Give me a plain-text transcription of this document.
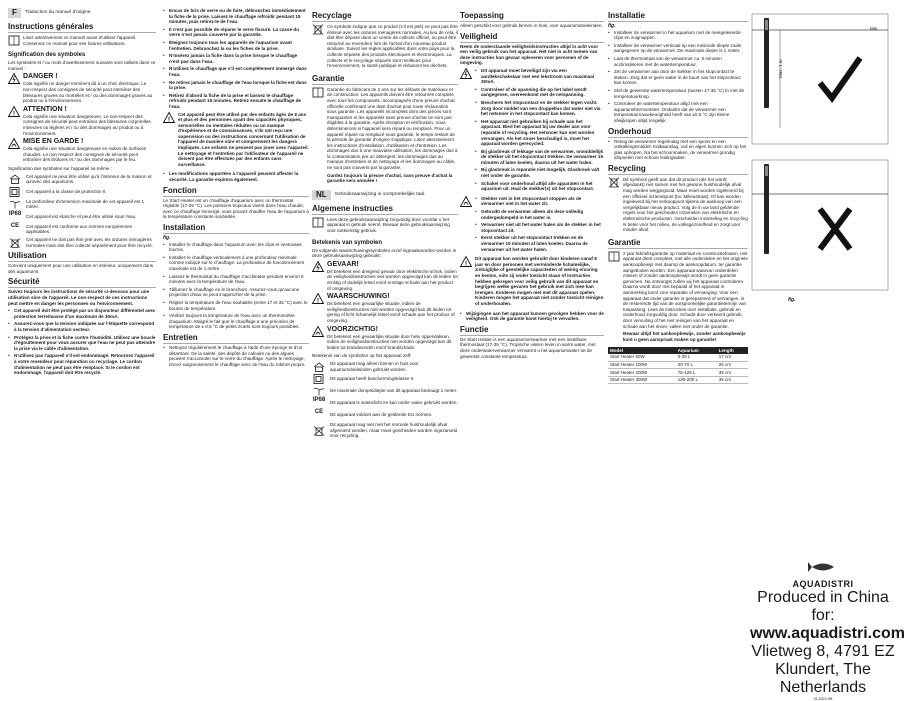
F	Traduction du manuel d'origine.
Instructions générales

Lisez attentivement ce manuel avant d'utiliser l'appareil. Conservez ce manuel pour ses futures utilisations.

Signification des symboles

Les symboles et / ou mots d'avertissement suivants sont utilisés dans ce manuel :

DANGER !
Cela signifie un danger imminent dû à un choc électrique. Le non-respect des consignes de sécurité peut entraîner des blessures graves ou mortelles et / ou des dommages graves au produit ou à l'environnement.
!
ATTENTION !
Cela signifie une situation dangereuse. Le non-respect des consignes de sécurité peut entraîner des blessures corporelles mineures ou légères et / ou des dommages au produit ou à l'environnement.
MISE EN GARDE !
Cela signifie une situation dangereuse en raison de surfaces chaudes. Le non respect des consignes de sécurité peut entraîner des brûlures et / ou des dommages par le feu.

Signification des symboles sur l'appareil lui-même :

Cet appareil ne peut être utilisé qu'à l'intérieur de la maison et qu'avec des aquariums.
Cet appareil a la classe de protection II.
La profondeur d'immersion maximale de cet appareil est 1 mètre.
IP68 Cet appareil est étanche et peut être utilisé sous l'eau.
CE	Cet appareil est conforme aux normes européennes applicables.
Cet appareil ne doit pas être jeté avec les ordures ménagères normales mais doit être collecté séparément pour être recyclé.
Utilisation

Convient uniquement pour une utilisation en intérieur, uniquement dans des aquariums.

Sécurité

Suivez toujours les instructions de sécurité ci-dessous pour une utilisation sûre de l'appareil. Le non-respect de ces instructions peut mettre en danger les personnes ou l'environnement.

• Cet appareil doit être protégé par un disjoncteur différentiel avec protection terre/masse d'un maximum de 30mA.
• Assurez-vous que la tension indiquée sur l'étiquette correspond à la tension d'alimentation secteur.
• Protégez la prise et la fiche contre l'humidité. Utilisez une boucle d'égouttement pour vous assurer que l'eau ne peut pas atteindre la prise via le câble d'alimentation.
• N'utilisez pas l'appareil s'il est endommagé. Retournez l'appareil à votre revendeur pour réparation ou recyclage. Le cordon d'alimentation ne peut pas être remplacé. Si le cordon est endommagé, l'appareil doit être recyclé.
• Encas de bris de verre ou de fuite, débranchez immédiatement la fiche de la prise. Laissez le chauffage refroidir pendant 15 minutes, puis retirez-le de l'eau.
• Il n'est pas possible de réparer le verre fissuré. La casse du verre n'est jamais couverte par la garantie.
• Éteignez toujours tous les appareils de l'aquarium avant l'entretien. Débranchez la ou les fiches de la prise.
• N'insérez jamais la fiche dans la prise lorsque le chauffage n'est pas dans l'eau.
• N'utilisez le chauffage que s'il est complètement immergé dans l'eau.
• Ne retirez jamais le chauffage de l'eau lorsque la fiche est dans la prise.
• Retirez d'abord la fiche de la prise et laissez le chauffage refroidir pendant 15 minutes. Retirez ensuite le chauffage de l'eau.
!

Cet appareil peut être utilisé par des enfants âgés de 8 ans et plus et des personnes ayant des capacités physiques, sensorielles ou mentales réduites ou un manque d'expérience et de connaissances, s'ils ont reçu une supervision ou des instructions concernant l'utilisation de l'appareil de manière sûre et comprennent les dangers impliqués. Les enfants ne peuvent pas jouer avec l'appareil. Le nettoyage et l'entretien par l'utilisateur de l'appareil ne doivent pas être effectués par des enfants sans surveillance.

• Les modifications apportées à l'appareil peuvent affecter la sécurité. La garantie expirera également.
Fonction

Le Start Heater est un chauffage d'aquarium avec un thermostat réglable (17-35 °C). Les poissons tropicaux vivent dans l'eau chaude, avec ce chauffage immergé, vous pouvez chauffer l'eau de l'aquarium à la température constante souhaitée.

Installation
fig.
• Installez le chauffage dans l'aquarium avec les clips et ventouses fournis.
• Installez le chauffage verticalement à une profondeur minimale comme indiqué sur le chauffage. La profondeur de fonctionnement maximale est de 1 mètre.
• Laissez le thermostat du chauffage s'acclimater pendant environ 5 minutes avec la température de l'eau.
• Tâllumez le chauffage en le branchant. Assurez-vous qu'aucune projection d'eau ne peut s'approcher de la prise.
• Réglez la température de l'eau souhaitée (entre 17 et 35 °C) avec le bouton de température.
• Vérifiez toujours la température de l'eau avec un thermomètre d'aquarium. Malgré le fait que le chauffage a une précision de température de ± 0,5 °C de petits écarts sont toujours possibles.
Entretien
• Nettoyez régulièrement le chauffage à l'aide d'une éponge et d'un détartrant. De la saleté, des dépôts de calcaire ou des algues peuvent s'accumuler sur le verre du chauffage. Après le nettoyage, rincez soigneusement le chauffage avec de l'eau du robinet propre.
Recyclage

Ce symbole indique que ce produit (s'il est jeté) ne peut pas être éliminé avec les ordures ménagères normales. Au lieu de cela, il doit être déposé dans un centre de collecte officiel, ou peut être retourné au revendeur lors de l'achat d'un nouveau produit similaire. Suivez les règles applicables dans votre pays pour la collecte séparée des produits électriques et électroniques. La collecte et le recyclage séparés sont meilleurs pour l'environnement, la santé publique et réduisent les déchets.

Garantie

Garantie du fabricant de 2 ans sur les défauts de matériaux et de construction. Les appareils doivent être retournés complets avec tous les composants, accompagnés d'une preuve d'achat officielle confirmant une date d'achat pour toute réclamation sous garantie. Les appareils incomplets dont des pièces sont manquantes et les appareils sans preuve d'achat ne sont pas éligibles à la garantie. Après réception et vérification, nous déterminerons si l'appareil sera réparé ou remplacé. Pour un appareil réparé ou remplacé sous garantie, le temps restant de la période de garantie d'origine s'applique. Lisez attentivement les instructions d'installation, d'utilisation et d'entretien. Les dommages dus à une mauvaise utilisation, les dommages dus à la contamination par un détergent, les dommages dus au manque d'entretien et de nettoyage et les dommages au câble, ne sont pas couverts par la garantie.

Gardez toujours la preuve d'achat, sans preuve d'achat la garantie sera annulée !

NL	Gebruiksaanwijzing in oorspronkelijke taal.
Algemene instructies

Lees deze gebruiksaanwijzing zorgvuldig door voordat u het apparaat in gebruik neemt. Bewaar deze gebruiksaanwijzing voor toekomstig gebruik.

Betekenis van symbolen

De volgende waarschuwingssymbolen en/of signaalwoorden worden in deze gebruiksaanwijzing gebruikt:

GEVAAR!
Dit betekent een dreigend gevaar door elektrische schok, indien de veiligheidsinstructies niet worden opgevolgd kan dit leiden tot ernstig of dodelijk letsel en/of ernstige schade aan het product of omgeving.
!
WAARSCHUWING!
Dit betekent een gevaarlijke situatie, indien de veiligheidsinstructies niet worden opgevolgd kan dit leiden tot gering of licht lichamelijk letsel en/of schade aan het product of omgeving.
VOORZICHTIG!
Dit betekent een gevaarlijke situatie door hete oppervlakken, indien de veiligheidsinstructies niet worden opgevolgd kan dit leiden tot brandwonden en/of brandschade.

Betekenis van de symbolen op het apparaat zelf:

Dit apparaat mag alleen binnen in huis voor aquariumdoeleinden gebruikt worden.
Dit apparaat heeft beschermingsklasse II.
De maximale dompeldiepte van dit apparaat bedraagt 1 meter.
IP68 Dit apparaat is waterdicht en kan onder water gebruikt worden.
CE	Dit apparaat voldoet aan de geldende EU normen.
Dit apparaat mag niet met het normale huishoudelijk afval afgevoerd worden, maar moet gescheiden worden ingezameld voor recycling.
Toepassing

Alleen geschikt voor gebruik binnen in huis, voor aquariumdoeleinden.

Veiligheid

Neem de onderstaande veiligheidsinstructies altijd in acht voor een veilig gebruik van het apparaat. Het niet in acht nemen van deze instructies kan gevaar opleveren voor personen of de omgeving.

• Dit apparaat moet beveiligd zijn via een aardlekschakelaar met een lekstroom van maximaal 30mA.
• Controleer of de spanning die op het label wordt aangegeven, overeenkomt met de netspanning.
• Bescherm het stopcontact en de stekker tegen vocht. Zorg door middel van een druppellus dat water niet via het netsnoer in het stopcontact kan komen.
• Het apparaat niet gebruiken bij schade aan het apparaat. Bied het apparaat bij uw dealer aan voor reparatie of recycling. Het netsnoer kan niet worden vervangen. Als het snoer beschadigd is, moet het apparaat worden gerecycled.
• Bij glasbreuk of lekkage van de verwarmer, onmiddellijk de stekker uit het stopcontact trekken. De verwarmer 15 minuten af laten koelen, daarna uit het water halen.
• Bij glasbreuk is reparatie niet mogelijk. Glasbreuk valt niet onder de garantie.
• Schakel voor onderhoud altijd alle apparaten in het aquarium uit. Haal de stekker(s) uit het stopcontact.
• Stekker niet in het stopcontact stoppen als de verwarmer niet in het water zit.
• Gebruikt de verwarmer alleen als deze volledig ondergedompeld in het water is.
• Verwarmer niet uit het water halen als de stekker in het stopcontact zit.
• Eerst stekker uit het stopcontact trekken en de verwarmer 15 minuten af laten koelen. Daarna de verwarmer uit het water halen.
!

Dit apparaat kan worden gebruikt door kinderen vanaf 8 jaar en door personen met verminderde lichamelijke, zintuiglijke of geestelijke capaciteiten of weinig ervaring en kennis, mits zij onder toezicht staan of instructies hebben gekregen voor veilig gebruik van dit apparaat en begrijpen welke gevaren het gebruik met zich mee kan brengen. Kinderen mogen niet met dit apparaat spelen. Kinderen mogen het apparaat niet zonder toezicht reinigen of onderhouden.

• Wijzigingen aan het apparaat kunnen gevolgen hebben voor de veiligheid. Ook de garantie komt hierbij te vervallen.
Functie

De Start Heater is een aquariumverwarmer met een instelbare thermostaat (17-35 °C). Tropische vissen leven in warm water, met deze onderwaterverwarmer verwarmt u het aquariumwater tot de gewenste constante temperatuur.

Installatie
fig.
• Installeer de verwarmer in het aquarium met de meegeleverde clips en zuignappen.
• Installeer de verwarmer verticaal op een minimale diepte zoals aangegeven op de verwarmer. De maximale diepte is 1 meter.
• Laat de thermostaat van de verwarmer ca. 5 minuten acclimatiseren met de watertemperatuur.
• Zet de verwarmer aan door de stekker in het stopcontact te steken. Zorg dat er geen water in de buurt van het stopcontact kan komen.
• Stel de gewenste watertemperatuur (tussen 17-35 °C) in met de temperatuurknop.
• Controleer de watertemperatuur altijd met een aquariumthermometer. Ondanks dat de verwarmer een temperatuurnauwkeurigheid heeft van ±0,5 °C zijn kleine afwijkingen altijd mogelijk.
Onderhoud
• Reinig de verwarmer regelmatig met een spons en een ontkalkingsmiddel. Kalkaanslag, vuil en algen kunnen zich op het glas ophopen. Na het schoonmaken, de verwarmer grondig afspoelen met schoon leidingwater.
Recycling

Dit symbool geeft aan dat dit product (als het wordt afgedankt) niet samen met het gewone huishoudelijk afval mag worden weggegooid. Maar moet worden ingeleverd bij een officieel inzamelpunt (bv. Milieustraat). Of kan worden ingeleverd bij het verkooppunt tijdens de aankoop van een vergelijkbaar nieuw product. Volg de in uw land geldende regels voor het gescheiden inzamelen van elektrische en elektronische producten. Gescheiden inzameling en recycling is beter voor het milieu, de volksgezondheid en zorgt voor minder afval.

Garantie

2 jaar fabrieksgarantie op materiaal en constructiefouten. Het apparaat dient compleet, met alle onderdelen en het originele aankoopbewijs met daarop de aankoopdatum, ter garantie aangeboden worden. Een apparaat waarvan onderdelen missen of zonder aankoopbewijs wordt in geen garantie genomen. Na ontvangst zullen wij het apparaat controleren. Daarna wordt door ons bepaald of het apparaat in aanmerking komt voor reparatie of vervanging. Voor een apparaat dat onder garantie is gerepareerd of vervangen, is de resterende tijd van de oorspronkelijke garantietermijn van toepassing. Lees de instructies over installatie, gebruik en onderhoud zorgvuldig door. Schade door verkeerd gebruik, door vervuiling of het niet reinigen van het apparaat en schade aan het snoer, vallen niet onder de garantie.

Bewaar altijd het aankoopbewijs, zonder aankoopbewijs kunt u geen aanspraak maken op garantie!

Model	Aquarium	Length
Start Heater 50W	0-30 L	17 cm
Start Heater 100W	20-70 L	26 cm
Start Heater 200W	75-125 L	35 cm
Start Heater 300W	125-200 L	35 cm

Min.
Max. 1 m
fig.
AQUADISTRI
Produced in China for:
www.aquadistri.com
Vlietweg 8, 4791 EZ Klundert, The Netherlands
01-2023-HB
